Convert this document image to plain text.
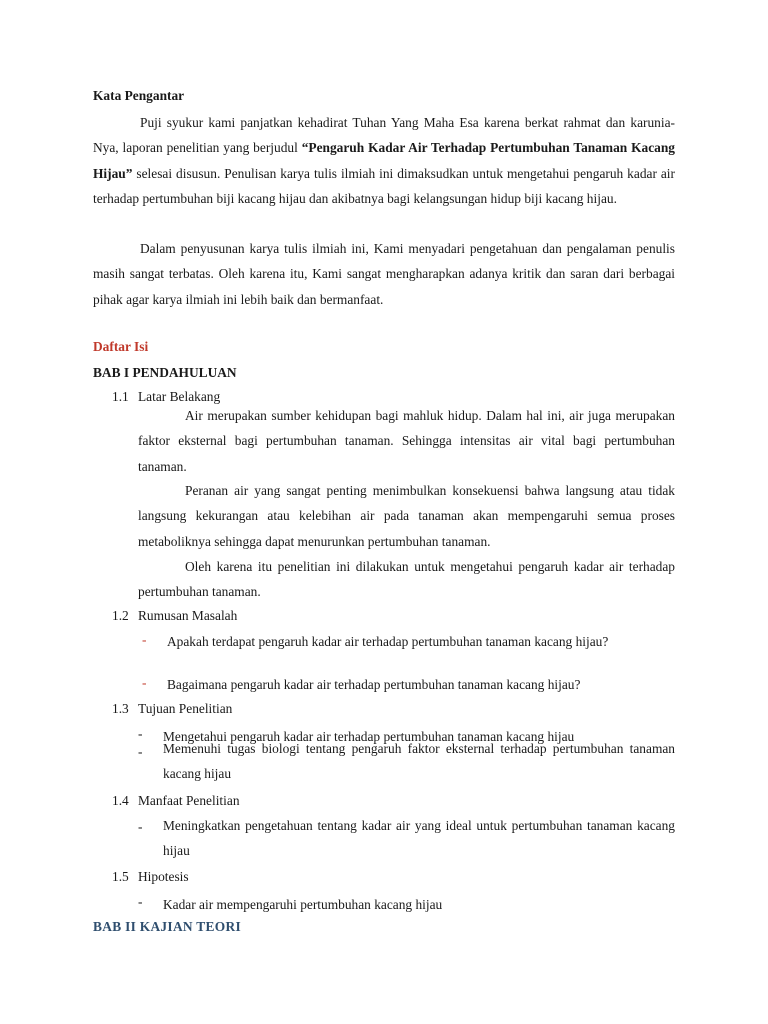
Kata Pengantar
Puji syukur kami panjatkan kehadirat Tuhan Yang Maha Esa karena berkat rahmat dan karunia-Nya, laporan penelitian yang berjudul “Pengaruh Kadar Air Terhadap Pertumbuhan Tanaman Kacang Hijau” selesai disusun. Penulisan karya tulis ilmiah ini dimaksudkan untuk mengetahui pengaruh kadar air terhadap pertumbuhan biji kacang hijau dan akibatnya bagi kelangsungan hidup biji kacang hijau.
Dalam penyusunan karya tulis ilmiah ini, Kami menyadari pengetahuan dan pengalaman penulis masih sangat terbatas. Oleh karena itu, Kami sangat mengharapkan adanya kritik dan saran dari berbagai pihak agar karya ilmiah ini lebih baik dan bermanfaat.
Daftar Isi
BAB I PENDAHULUAN
1.1 Latar Belakang
Air merupakan sumber kehidupan bagi mahluk hidup. Dalam hal ini, air juga merupakan faktor eksternal bagi pertumbuhan tanaman. Sehingga intensitas air vital bagi pertumbuhan tanaman.
Peranan air yang sangat penting menimbulkan konsekuensi bahwa langsung atau tidak langsung kekurangan atau kelebihan air pada tanaman akan mempengaruhi semua proses metaboliknya sehingga dapat menurunkan pertumbuhan tanaman.
Oleh karena itu penelitian ini dilakukan untuk mengetahui pengaruh kadar air terhadap pertumbuhan tanaman.
1.2 Rumusan Masalah
- Apakah terdapat pengaruh kadar air terhadap pertumbuhan tanaman kacang hijau?
- Bagaimana pengaruh kadar air terhadap pertumbuhan tanaman kacang hijau?
1.3 Tujuan Penelitian
- Mengetahui pengaruh kadar air terhadap pertumbuhan tanaman kacang hijau
- Memenuhi tugas biologi tentang pengaruh faktor eksternal terhadap pertumbuhan tanaman kacang hijau
1.4 Manfaat Penelitian
- Meningkatkan pengetahuan tentang kadar air yang ideal untuk pertumbuhan tanaman kacang hijau
1.5 Hipotesis
- Kadar air mempengaruhi pertumbuhan kacang hijau
BAB II KAJIAN TEORI
